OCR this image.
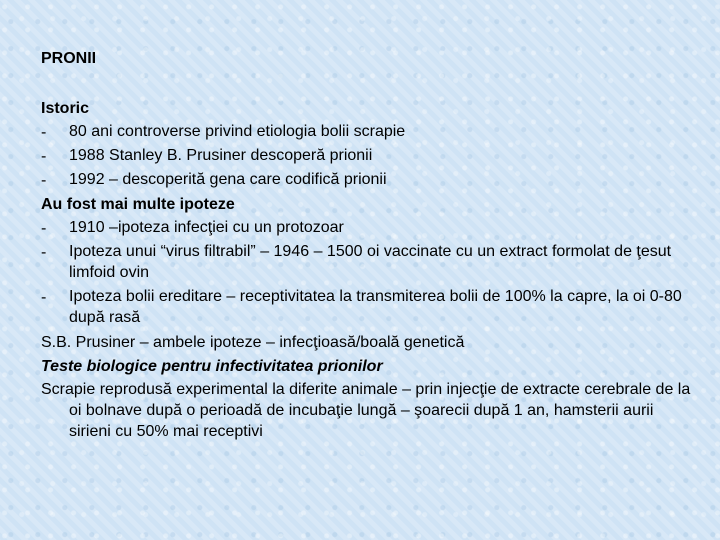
PRONII

Istoric

-	80 ani controverse privind etiologia bolii scrapie
-	1988 Stanley B. Prusiner descoperă prionii
-	1992 – descoperită gena care codifică prionii

Au fost mai multe ipoteze

-	1910 –ipoteza infecţiei cu un protozoar
-	Ipoteza unui “virus filtrabil” – 1946 – 1500 oi vaccinate cu un extract formolat de ţesut limfoid ovin
-	Ipoteza bolii ereditare – receptivitatea la transmiterea bolii de 100% la capre, la oi 0-80 după rasă

S.B. Prusiner – ambele ipoteze – infecţioasă/boală genetică

Teste biologice pentru infectivitatea prionilor

Scrapie reprodusă experimental la diferite animale – prin injecţie de extracte cerebrale de la oi bolnave după o perioadă de incubaţie lungă – şoarecii după 1 an, hamsterii aurii sirieni cu 50% mai receptivi
